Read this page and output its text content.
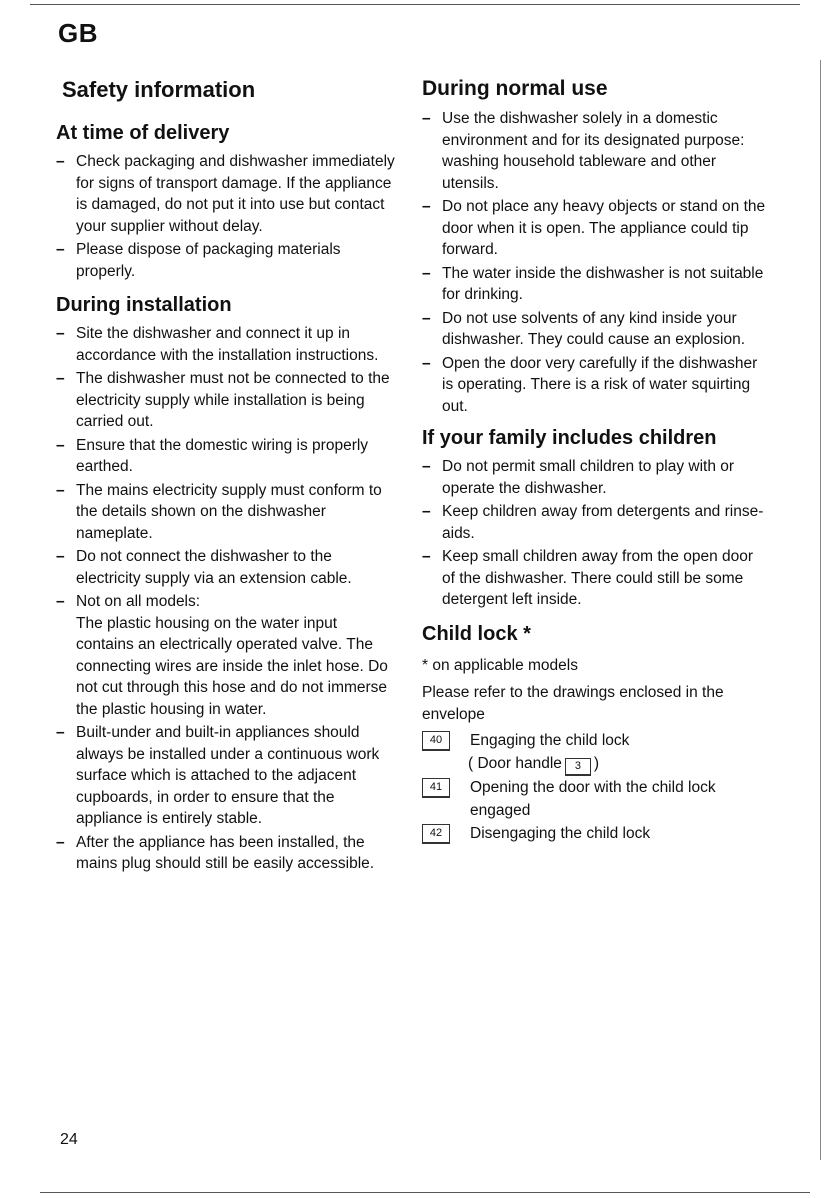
GB
Safety information
At time of delivery
– Check packaging and dishwasher immediately for signs of transport damage. If the appliance is damaged, do not put it into use but contact your supplier without delay.
– Please dispose of packaging materials properly.
During installation
– Site the dishwasher and connect it up in accordance with the installation instructions.
– The dishwasher must not be connected to the electricity supply while installation is being carried out.
– Ensure that the domestic wiring is properly earthed.
– The mains electricity supply must conform to the details shown on the dishwasher nameplate.
– Do not connect the dishwasher to the electricity supply via an extension cable.
– Not on all models:
The plastic housing on the water input contains an electrically operated valve. The connecting wires are inside the inlet hose. Do not cut through this hose and do not immerse the plastic housing in water.
– Built-under and built-in appliances should always be installed under a continuous work surface which is attached to the adjacent cupboards, in order to ensure that the appliance is entirely stable.
– After the appliance has been installed, the mains plug should still be easily accessible.
During normal use
– Use the dishwasher solely in a domestic environment and for its designated purpose: washing household tableware and other utensils.
– Do not place any heavy objects or stand on the door when it is open. The appliance could tip forward.
– The water inside the dishwasher is not suitable for drinking.
– Do not use solvents of any kind inside your dishwasher. They could cause an explosion.
– Open the door very carefully if the dishwasher is operating. There is a risk of water squirting out.
If your family includes children
– Do not permit small children to play with or operate the dishwasher.
– Keep children away from detergents and rinse-aids.
– Keep small children away from the open door of the dishwasher. There could still be some detergent left inside.
Child lock *

* on applicable models

Please refer to the drawings enclosed in the envelope

40	Engaging the child lock
( Door handle 3 )
41	Opening the door with the child lock engaged
42	Disengaging the child lock
24
